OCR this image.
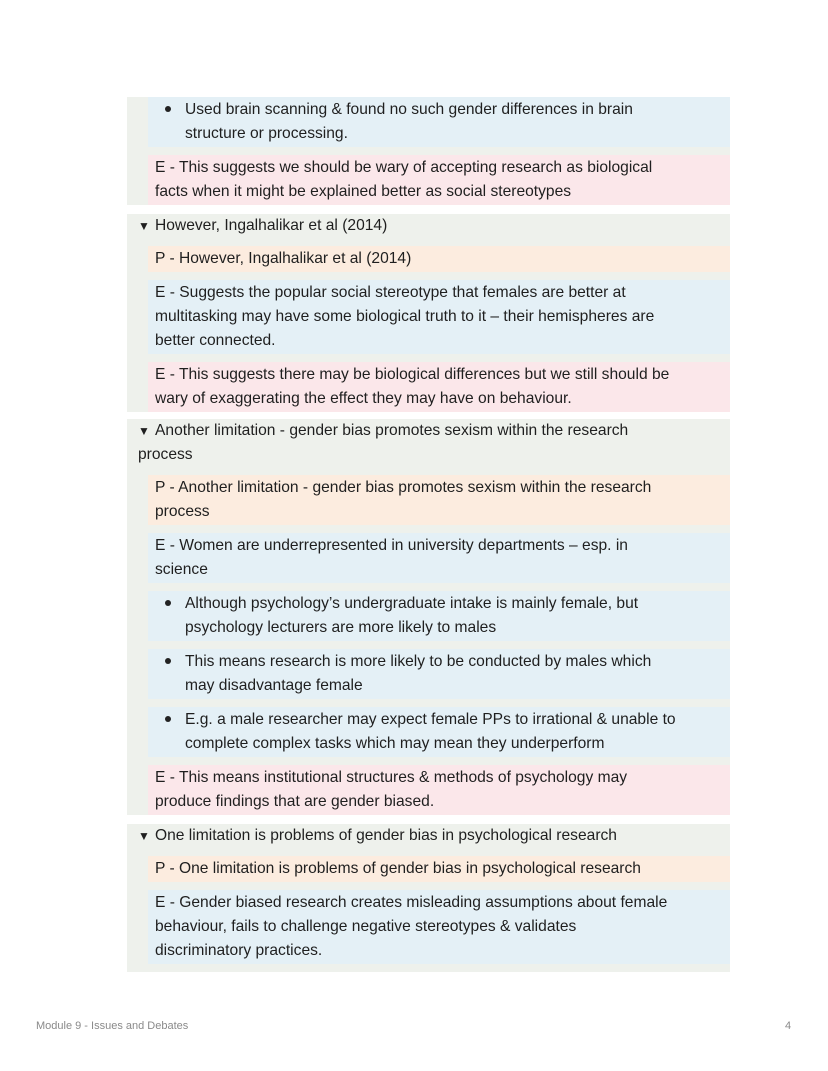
Used brain scanning & found no such gender differences in brain
structure or processing.
E - This suggests we should be wary of accepting research as biological
facts when it might be explained better as social stereotypes
▼ However, Ingalhalikar et al (2014)
P - However, Ingalhalikar et al (2014)
E - Suggests the popular social stereotype that females are better at
multitasking may have some biological truth to it – their hemispheres are
better connected.
E - This suggests there may be biological differences but we still should be
wary of exaggerating the effect they may have on behaviour.
▼ Another limitation - gender bias promotes sexism within the research
process
P - Another limitation - gender bias promotes sexism within the research
process
E - Women are underrepresented in university departments – esp. in
science
Although psychology’s undergraduate intake is mainly female, but
psychology lecturers are more likely to males
This means research is more likely to be conducted by males which
may disadvantage female
E.g. a male researcher may expect female PPs to irrational & unable to
complete complex tasks which may mean they underperform
E - This means institutional structures & methods of psychology may
produce findings that are gender biased.
▼ One limitation is problems of gender bias in psychological research
P - One limitation is problems of gender bias in psychological research
E - Gender biased research creates misleading assumptions about female
behaviour, fails to challenge negative stereotypes & validates
discriminatory practices.
Module 9 - Issues and Debates	4
